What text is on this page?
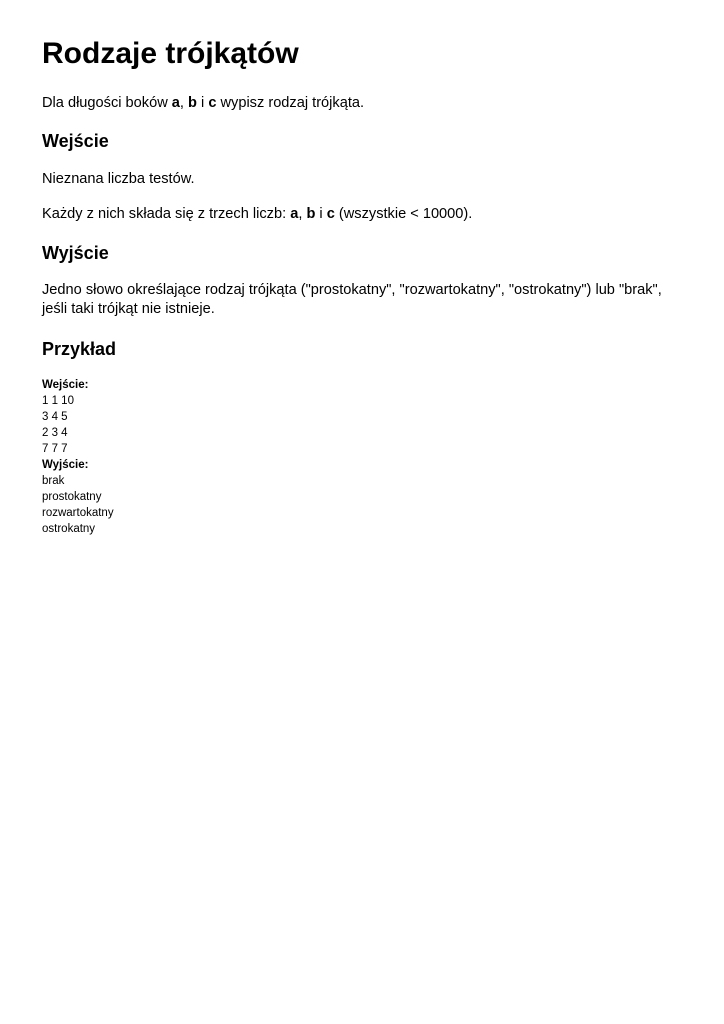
Rodzaje trójkątów

Dla długości boków a, b i c wypisz rodzaj trójkąta.

Wejście

Nieznana liczba testów.

Każdy z nich składa się z trzech liczb: a, b i c (wszystkie < 10000).

Wyjście

Jedno słowo określające rodzaj trójkąta ("prostokatny", "rozwartokatny", "ostrokatny") lub "brak", jeśli taki trójkąt nie istnieje.

Przykład
Wejście:
1 1 10
3 4 5
2 3 4
7 7 7
Wyjście:
brak
prostokatny
rozwartokatny
ostrokatny
